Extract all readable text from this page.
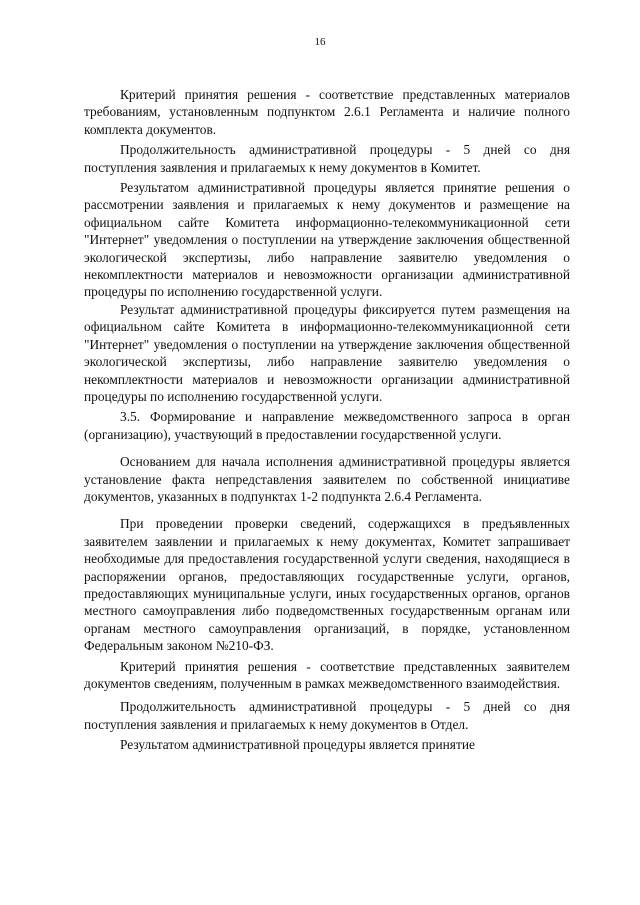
16

Критерий принятия решения - соответствие представленных материалов требованиям, установленным подпунктом 2.6.1 Регламента и наличие полного комплекта документов.

Продолжительность административной процедуры - 5 дней со дня поступления заявления и прилагаемых к нему документов в Комитет.

Результатом административной процедуры является принятие решения о рассмотрении заявления и прилагаемых к нему документов и размещение на официальном сайте Комитета информационно-телекоммуникационной сети "Интернет" уведомления о поступлении на утверждение заключения общественной экологической экспертизы, либо направление заявителю уведомления о некомплектности материалов и невозможности организации административной процедуры по исполнению государственной услуги.

Результат административной процедуры фиксируется путем размещения на официальном сайте Комитета в информационно-телекоммуникационной сети "Интернет" уведомления о поступлении на утверждение заключения общественной экологической экспертизы, либо направление заявителю уведомления о некомплектности материалов и невозможности организации административной процедуры по исполнению государственной услуги.

3.5. Формирование и направление межведомственного запроса в орган (организацию), участвующий в предоставлении государственной услуги.

Основанием для начала исполнения административной процедуры является установление факта непредставления заявителем по собственной инициативе документов, указанных в подпунктах 1-2 подпункта 2.6.4 Регламента.

При проведении проверки сведений, содержащихся в предъявленных заявителем заявлении и прилагаемых к нему документах, Комитет запрашивает необходимые для предоставления государственной услуги сведения, находящиеся в распоряжении органов, предоставляющих государственные услуги, органов, предоставляющих муниципальные услуги, иных государственных органов, органов местного самоуправления либо подведомственных государственным органам или органам местного самоуправления организаций, в порядке, установленном Федеральным законом №210-ФЗ.

Критерий принятия решения - соответствие представленных заявителем документов сведениям, полученным в рамках межведомственного взаимодействия.

Продолжительность административной процедуры - 5 дней со дня поступления заявления и прилагаемых к нему документов в Отдел.

Результатом административной процедуры является принятие
